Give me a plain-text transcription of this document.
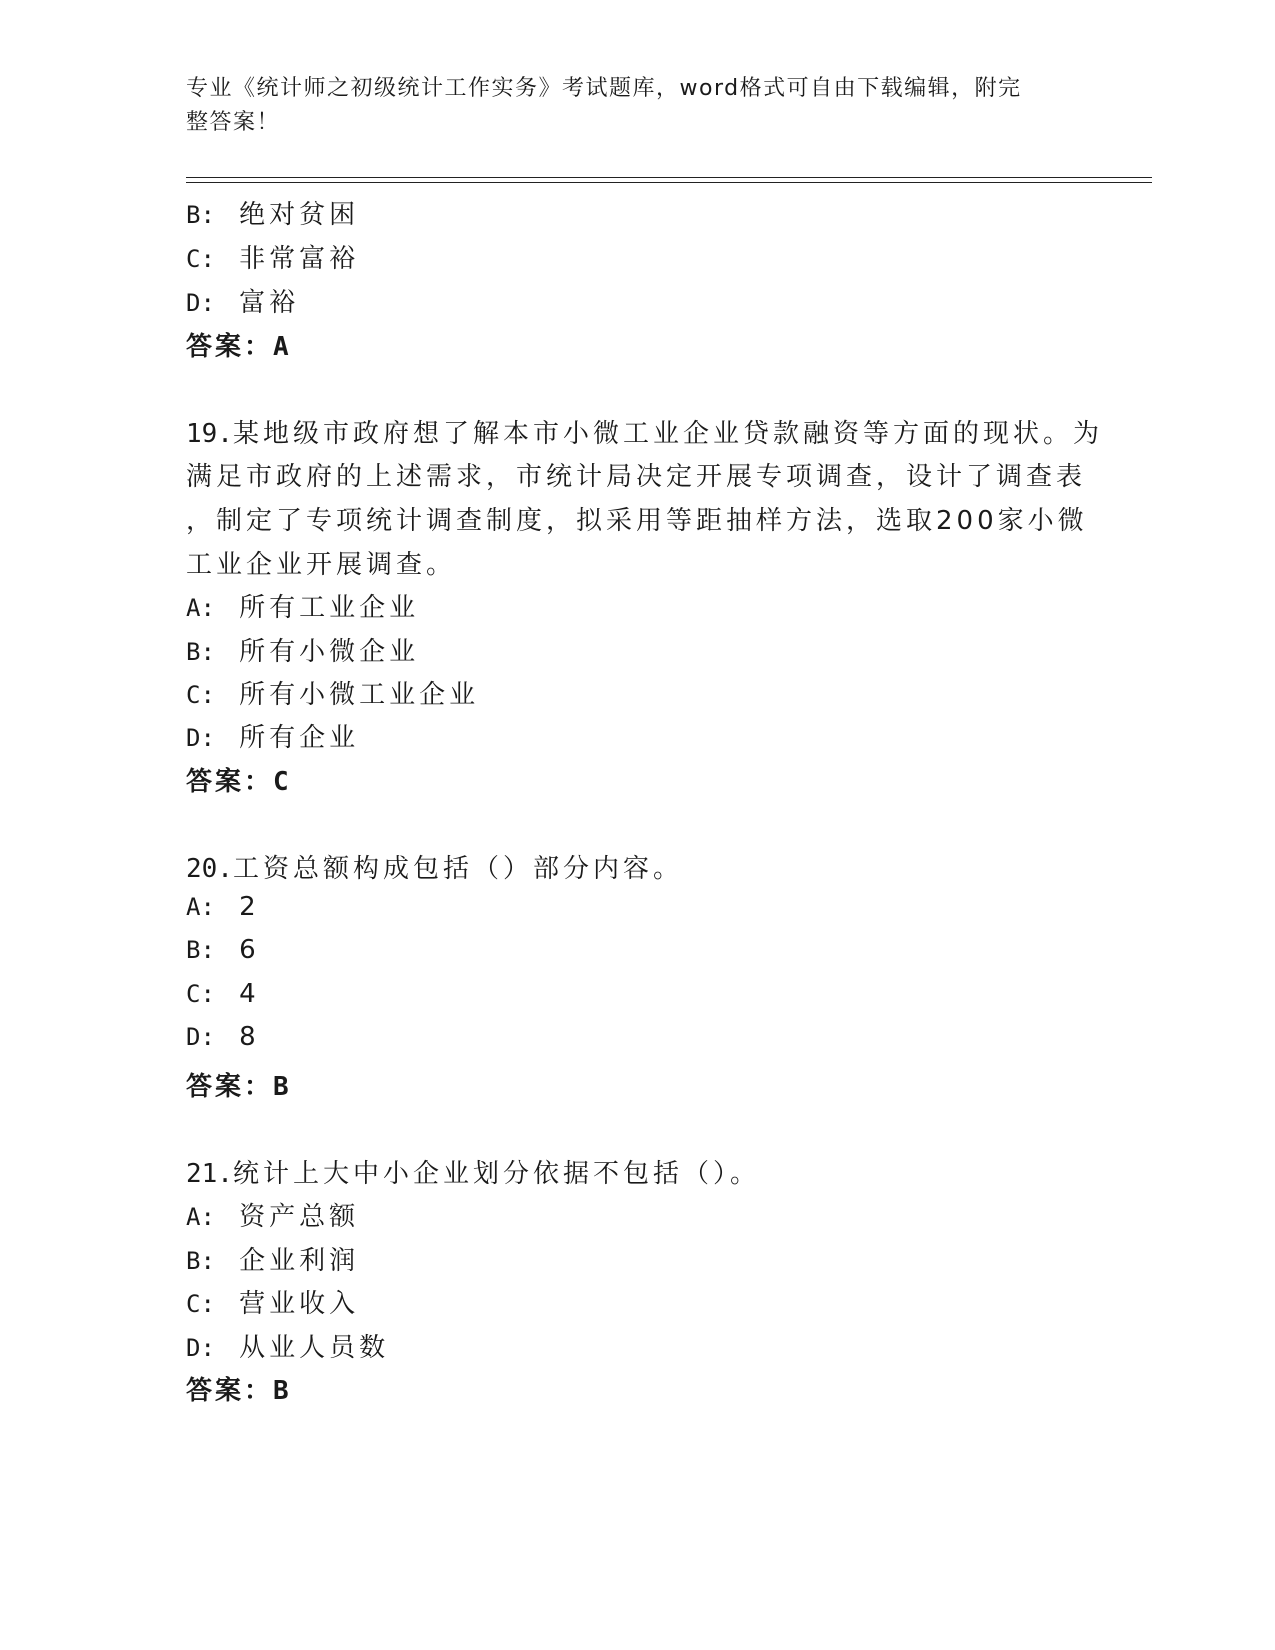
专业《统计师之初级统计工作实务》考试题库，word格式可自由下载编辑，附完
整答案！
B: 绝对贫困
C: 非常富裕
D: 富裕
答案：A
19.某地级市政府想了解本市小微工业企业贷款融资等方面的现状。为
满足市政府的上述需求，市统计局决定开展专项调查，设计了调查表
，制定了专项统计调查制度，拟采用等距抽样方法，选取200家小微
工业企业开展调查。
A: 所有工业企业
B: 所有小微企业
C: 所有小微工业企业
D: 所有企业
答案：C
20.工资总额构成包括（）部分内容。
A: 2
B: 6
C: 4
D: 8
答案：B
21.统计上大中小企业划分依据不包括（）。
A: 资产总额
B: 企业利润
C: 营业收入
D: 从业人员数
答案：B
